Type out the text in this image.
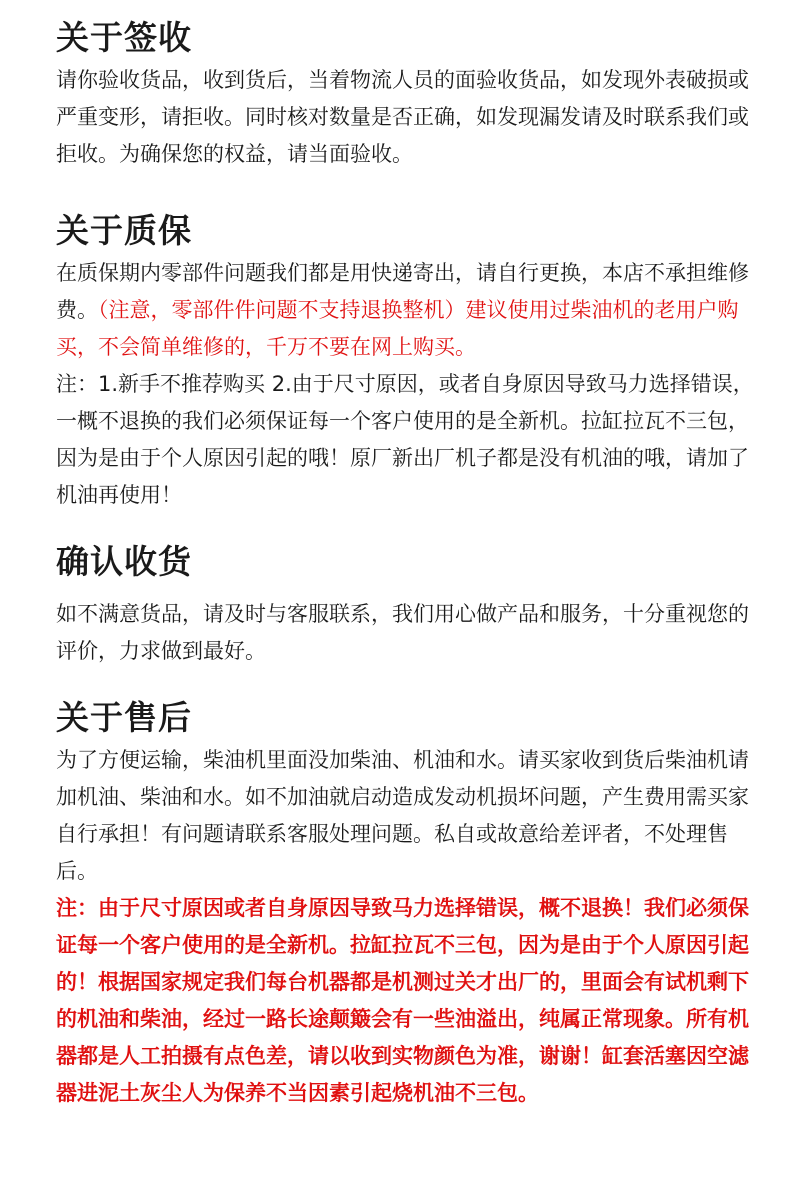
关于签收

请你验收货品，收到货后，当着物流人员的面验收货品，如发现外表破损或严重变形，请拒收。同时核对数量是否正确，如发现漏发请及时联系我们或拒收。为确保您的权益，请当面验收。

关于质保

在质保期内零部件问题我们都是用快递寄出，请自行更换，本店不承担维修费。（注意，零部件件问题不支持退换整机）建议使用过柴油机的老用户购买，不会简单维修的，千万不要在网上购买。

注：1.新手不推荐购买 2.由于尺寸原因，或者自身原因导致马力选择错误，一概不退换的我们必须保证每一个客户使用的是全新机。拉缸拉瓦不三包，因为是由于个人原因引起的哦！原厂新出厂机子都是没有机油的哦，请加了机油再使用！

确认收货

如不满意货品，请及时与客服联系，我们用心做产品和服务，十分重视您的评价，力求做到最好。

关于售后

为了方便运输，柴油机里面没加柴油、机油和水。请买家收到货后柴油机请加机油、柴油和水。如不加油就启动造成发动机损坏问题，产生费用需买家自行承担！有问题请联系客服处理问题。私自或故意给差评者，不处理售后。

注：由于尺寸原因或者自身原因导致马力选择错误，概不退换！我们必须保证每一个客户使用的是全新机。拉缸拉瓦不三包，因为是由于个人原因引起的！根据国家规定我们每台机器都是机测过关才出厂的，里面会有试机剩下的机油和柴油，经过一路长途颠簸会有一些油溢出，纯属正常现象。所有机器都是人工拍摄有点色差，请以收到实物颜色为准，谢谢！缸套活塞因空滤器进泥土灰尘人为保养不当因素引起烧机油不三包。
